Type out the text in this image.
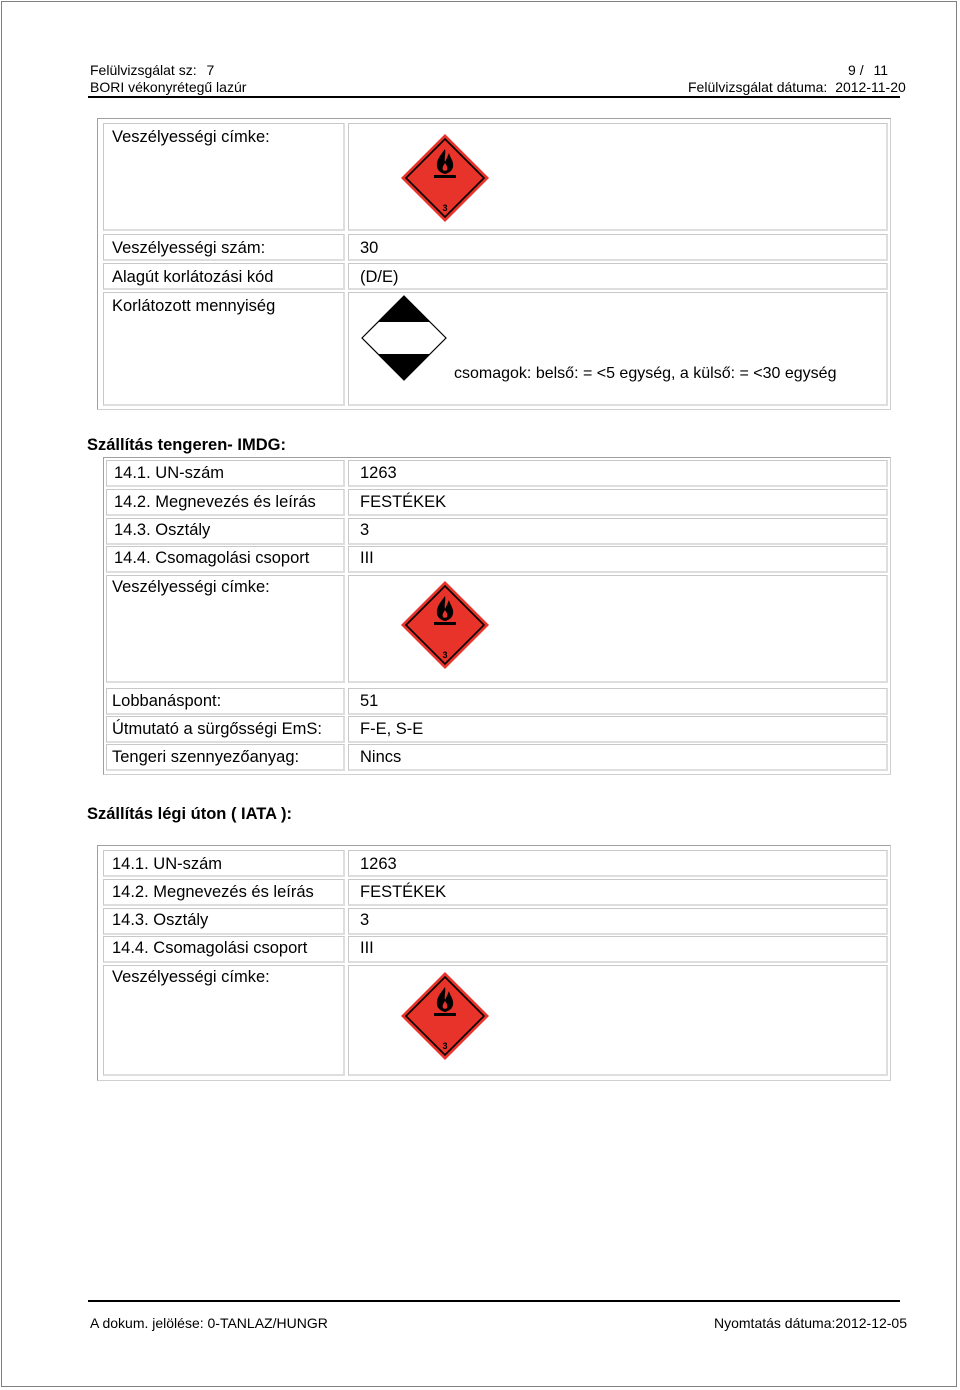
Felülvizsgálat sz: 7	9 / 11
BORI vékonyrétegű lazúr	Felülvizsgálat dátuma: 2012-11-20
Veszélyességi címke:
3
Veszélyességi szám:	30
Alagút korlátozási kód	(D/E)
Korlátozott mennyiség
csomagok: belső: = <5 egység, a külső: = <30 egység
Szállítás tengeren- IMDG:
14.1. UN-szám	1263
14.2. Megnevezés és leírás	FESTÉKEK
14.3. Osztály	3
14.4. Csomagolási csoport	III
Veszélyességi címke:
3
Lobbanáspont:	51
Útmutató a sürgősségi EmS: F-E, S-E
Tengeri szennyezőanyag:	Nincs
Szállítás légi úton ( IATA ):
14.1. UN-szám	1263
14.2. Megnevezés és leírás	FESTÉKEK
14.3. Osztály	3
14.4. Csomagolási csoport	III
Veszélyességi címke:
3
A dokum. jelölése: 0-TANLAZ/HUNGR	Nyomtatás dátuma:2012-12-05
